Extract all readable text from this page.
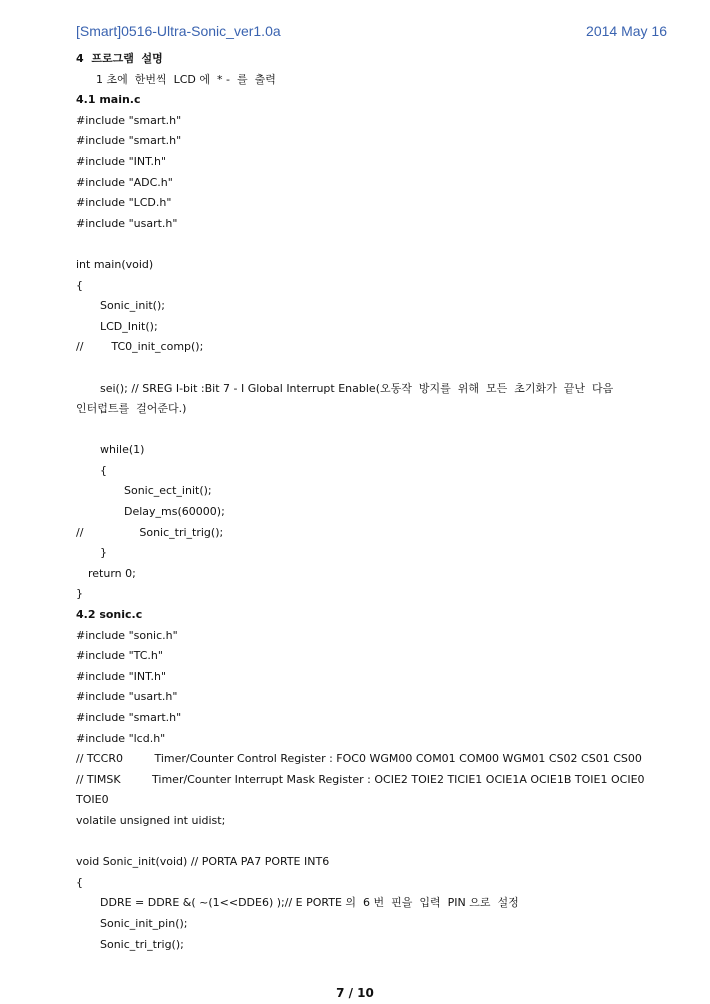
[Smart]0516-Ultra-Sonic_ver1.0a	2014 May 16
4  프로그램  설명
1 초에  한번씩  LCD 에  * -  를  출력
4.1 main.c
#include "smart.h"
#include "smart.h"
#include "INT.h"
#include "ADC.h"
#include "LCD.h"
#include "usart.h"
int main(void)
{
Sonic_init();
LCD_Init();
//        TC0_init_comp();
sei(); // SREG I-bit :Bit 7 - I Global Interrupt Enable(오동작  방지를  위해  모든  초기화가  끝난  다음
인터럽트를  걸어준다.)
while(1)
{
Sonic_ect_init();
Delay_ms(60000);
//                Sonic_tri_trig();
}
return 0;
}
4.2 sonic.c
#include "sonic.h"
#include "TC.h"
#include "INT.h"
#include "usart.h"
#include "smart.h"
#include "lcd.h"
// TCCR0         Timer/Counter Control Register : FOC0 WGM00 COM01 COM00 WGM01 CS02 CS01 CS00
// TIMSK         Timer/Counter Interrupt Mask Register : OCIE2 TOIE2 TICIE1 OCIE1A OCIE1B TOIE1 OCIE0
TOIE0
volatile unsigned int uidist;
void Sonic_init(void) // PORTA PA7 PORTE INT6
{
DDRE = DDRE &( ~(1<<DDE6) );// E PORTE 의  6 번  핀을  입력  PIN 으로  설정
Sonic_init_pin();
Sonic_tri_trig();
7 / 10
